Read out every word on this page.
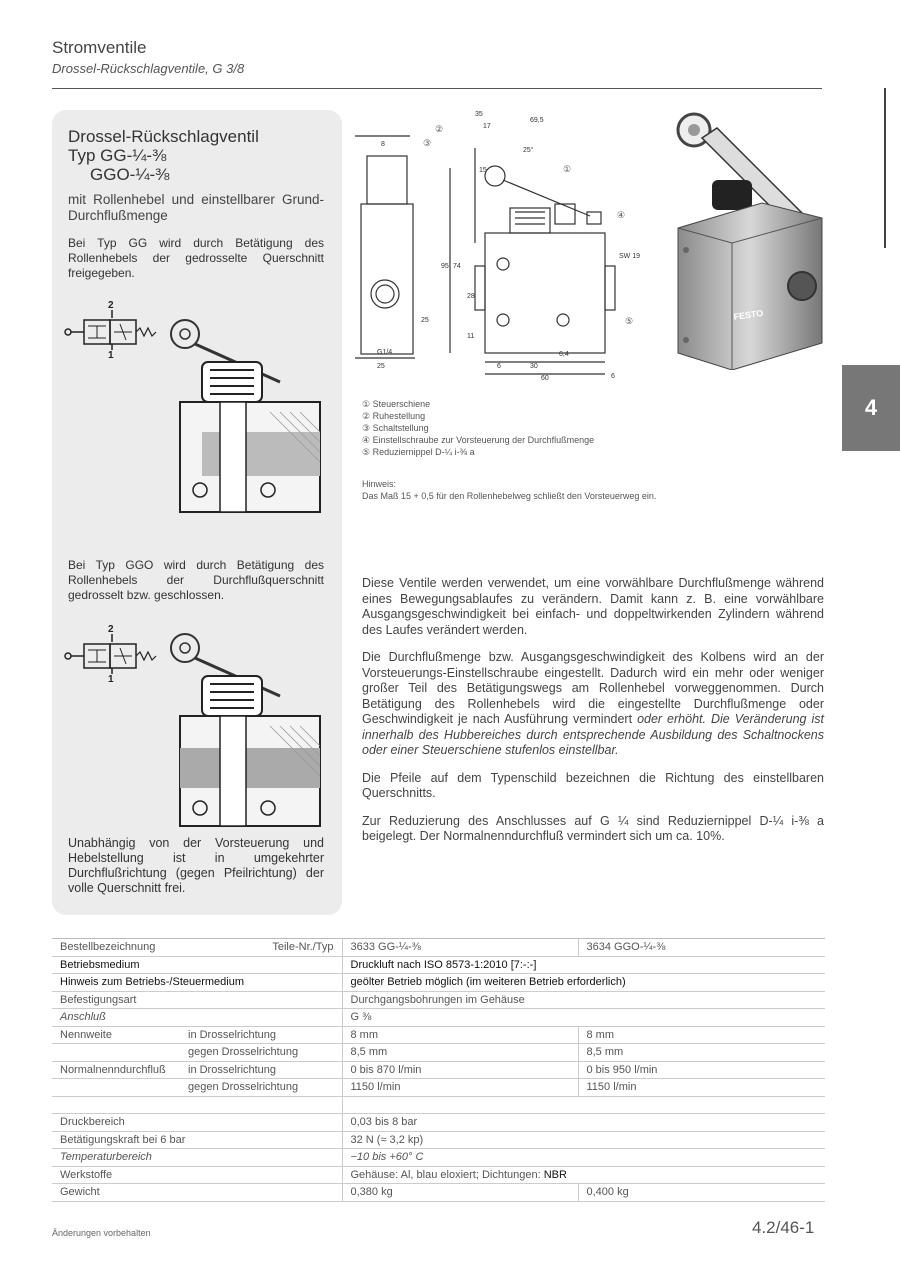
Stromventile
Drossel-Rückschlagventile, G 3/8
4
Drossel-Rückschlagventil
Typ GG-¼-⅜
GGO-¼-⅜
mit Rollenhebel und einstellbarer Grund-Durchflußmenge
Bei Typ GG wird durch Betätigung des Rollenhebels der gedrosselte Querschnitt freigegeben.
2
1
Bei Typ GGO wird durch Betätigung des Rollenhebels der Durchflußquerschnitt gedrosselt bzw. geschlossen.
2
1
Unabhängig von der Vorsteuerung und Hebelstellung ist in umgekehrter Durchflußrichtung (gegen Pfeilrichtung) der volle Querschnitt frei.
8
35
17
69,5
25°
15
SW 19
95 74
28
25
11
G1/4
25	6	30
6,4
60	6
①
②
③
④
⑤	FESTO
① Steuerschiene
② Ruhestellung
③ Schaltstellung
④ Einstellschraube zur Vorsteuerung der Durchflußmenge
⑤ Reduziernippel D-¼ i-⅜ a
Hinweis:
Das Maß 15 + 0,5 für den Rollenhebelweg schließt den Vorsteuerweg ein.

Diese Ventile werden verwendet, um eine vorwählbare Durchflußmenge während eines Bewegungsablaufes zu verändern. Damit kann z. B. eine vorwählbare Ausgangsgeschwindigkeit bei einfach- und doppeltwirkenden Zylindern während des Laufes verändert werden.

Die Durchflußmenge bzw. Ausgangsgeschwindigkeit des Kolbens wird an der Vorsteuerungs-Einstellschraube eingestellt. Dadurch wird ein mehr oder weniger großer Teil des Betätigungswegs am Rollenhebel vorweggenommen. Durch Betätigung des Rollenhebels wird die eingestellte Durchflußmenge oder Geschwindigkeit je nach Ausführung vermindert oder erhöht. Die Veränderung ist innerhalb des Hubbereiches durch entsprechende Ausbildung des Schaltnockens oder einer Steuerschiene stufenlos einstellbar.

Die Pfeile auf dem Typenschild bezeichnen die Richtung des einstellbaren Querschnitts.

Zur Reduzierung des Anschlusses auf G ¼ sind Reduziernippel D-¼ i-⅜ a beigelegt. Der Normalnenndurchfluß vermindert sich um ca. 10%.

Bestellbezeichnung Teile-Nr./Typ	3633 GG-¼-⅜	3634 GGO-¼-⅜
Betriebsmedium	Druckluft nach ISO 8573-1:2010 [7:-:-]	
Hinweis zum Betriebs-/Steuermedium	geölter Betrieb möglich (im weiteren Betrieb erforderlich)	
Befestigungsart	Durchgangsbohrungen im Gehäuse	
Anschluß	G ⅜	
Nennweite in Drosselrichtung	8 mm	8 mm
gegen Drosselrichtung	8,5 mm	8,5 mm
Normalnenndurchfluß in Drosselrichtung	0 bis 870 l/min	0 bis 950 l/min
gegen Drosselrichtung	1150 l/min	1150 l/min

Druckbereich	0,03 bis 8 bar	
Betätigungskraft bei 6 bar	32 N (≈ 3,2 kp)	
Temperaturbereich	−10 bis +60° C	
Werkstoffe	Gehäuse: Al, blau eloxiert; Dichtungen: NBR	
Gewicht	0,380 kg	0,400 kg
Änderungen vorbehalten	4.2/46-1
